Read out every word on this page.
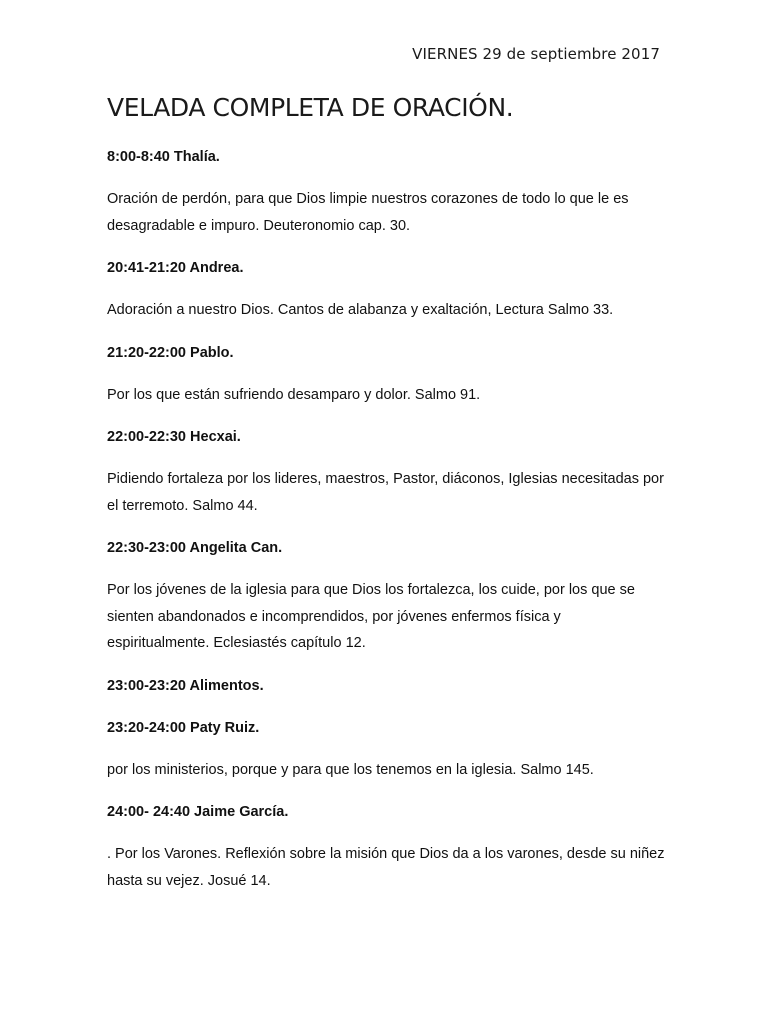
VIERNES 29 de septiembre 2017
VELADA COMPLETA DE ORACIÓN.

8:00-8:40 Thalía.

Oración de perdón, para que Dios limpie nuestros corazones de todo lo que le es desagradable e impuro. Deuteronomio cap. 30.

20:41-21:20 Andrea.

Adoración a nuestro Dios. Cantos de alabanza y exaltación, Lectura Salmo 33.

21:20-22:00 Pablo.

Por los que están sufriendo desamparo y dolor. Salmo 91.

22:00-22:30 Hecxai.

Pidiendo fortaleza por los lideres, maestros, Pastor, diáconos, Iglesias necesitadas por el terremoto. Salmo 44.

22:30-23:00 Angelita Can.

Por los jóvenes de la iglesia para que Dios los fortalezca, los cuide, por los que se sienten abandonados e incomprendidos, por jóvenes enfermos física y espiritualmente. Eclesiastés capítulo 12.

23:00-23:20 Alimentos.

23:20-24:00 Paty Ruiz.

por los ministerios, porque y para que los tenemos en la iglesia. Salmo 145.

24:00- 24:40 Jaime García.

. Por los Varones. Reflexión sobre la misión que Dios da a los varones, desde su niñez hasta su vejez. Josué 14.
